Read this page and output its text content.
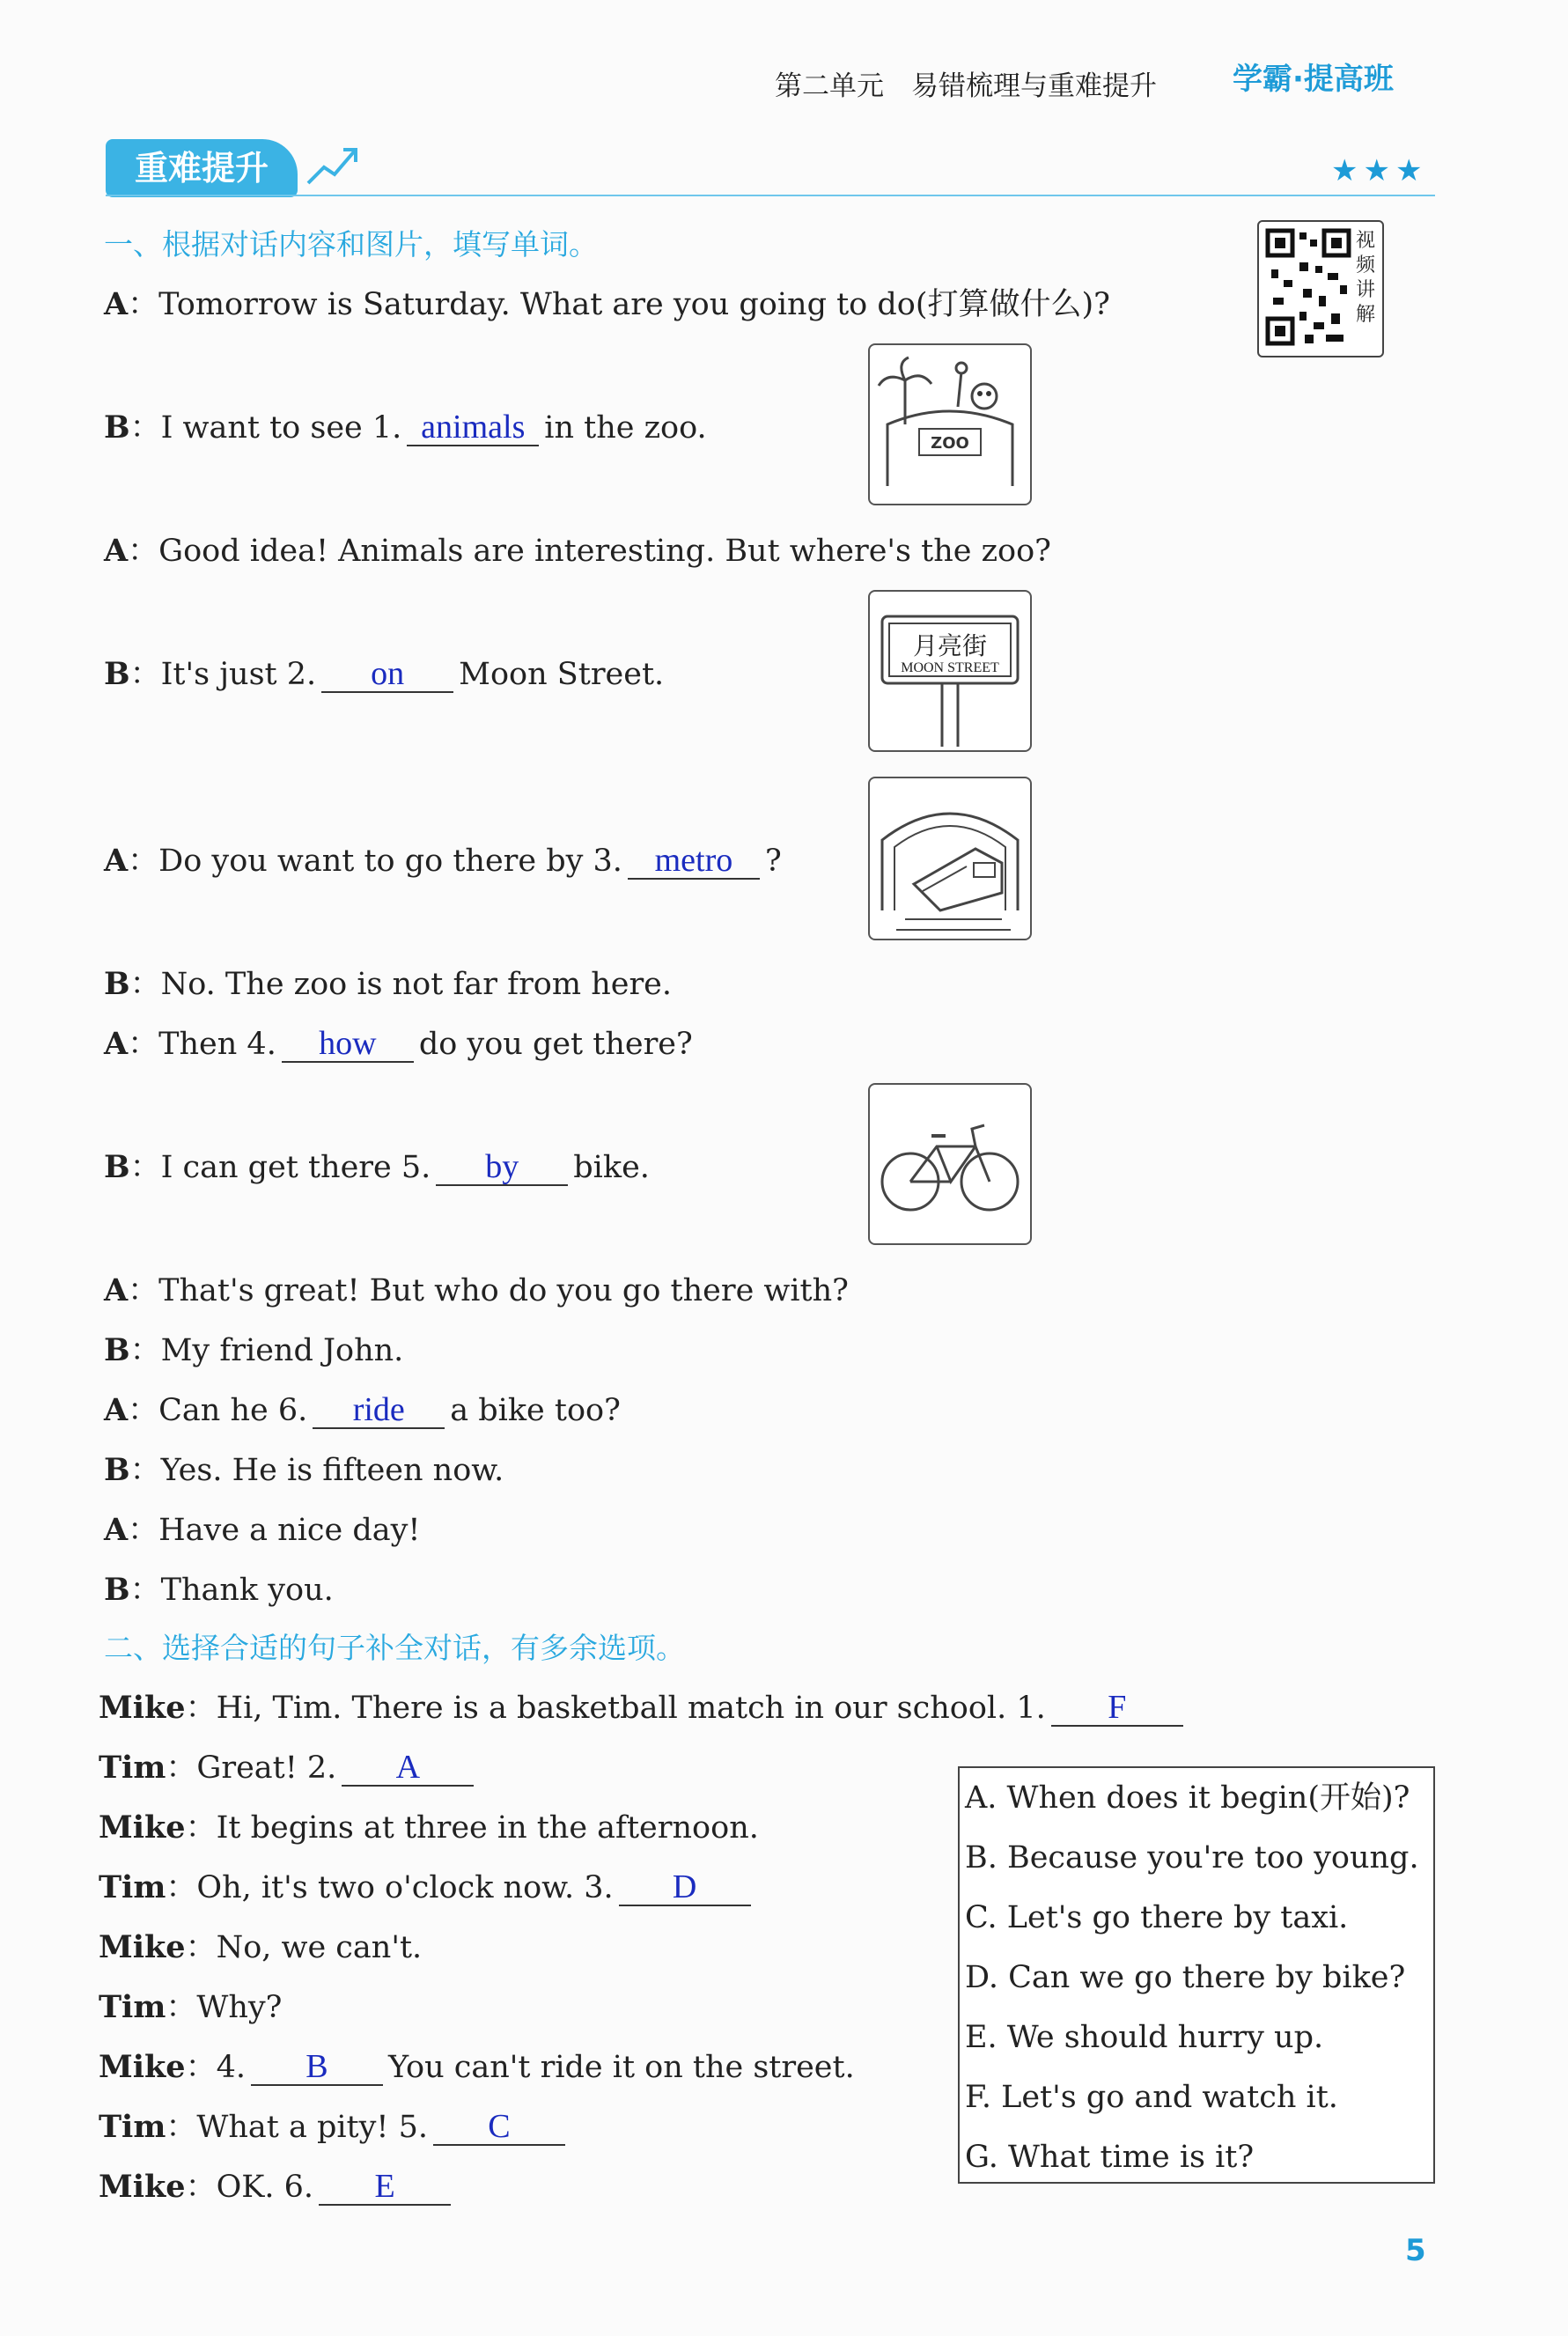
第二单元　易错梳理与重难提升	学霸·提高班
重难提升	★★★
视频讲解
一、根据对话内容和图片，填写单词。
A：Tomorrow is Saturday. What are you going to do(打算做什么)?
B：I want to see 1. animals in the zoo.
A：Good idea! Animals are interesting. But where's the zoo?
B：It's just 2. on Moon Street.
A：Do you want to go there by 3. metro ?
B：No. The zoo is not far from here.
A：Then 4. how do you get there?
B：I can get there 5. by bike.
A：That's great! But who do you go there with?
B：My friend John.
A：Can he 6. ride a bike too?
B：Yes. He is fifteen now.
A：Have a nice day!
B：Thank you.
ZOO
月亮街
MOON STREET
二、选择合适的句子补全对话，有多余选项。
Mike：Hi, Tim. There is a basketball match in our school. 1. F
Tim：Great! 2. A
Mike：It begins at three in the afternoon.
Tim：Oh, it's two o'clock now. 3. D
Mike：No, we can't.
Tim：Why?
Mike：4. B You can't ride it on the street.
Tim：What a pity! 5. C
Mike：OK. 6. E
A. When does it begin(开始)?
B. Because you're too young.
C. Let's go there by taxi.
D. Can we go there by bike?
E. We should hurry up.
F. Let's go and watch it.
G. What time is it?
5
